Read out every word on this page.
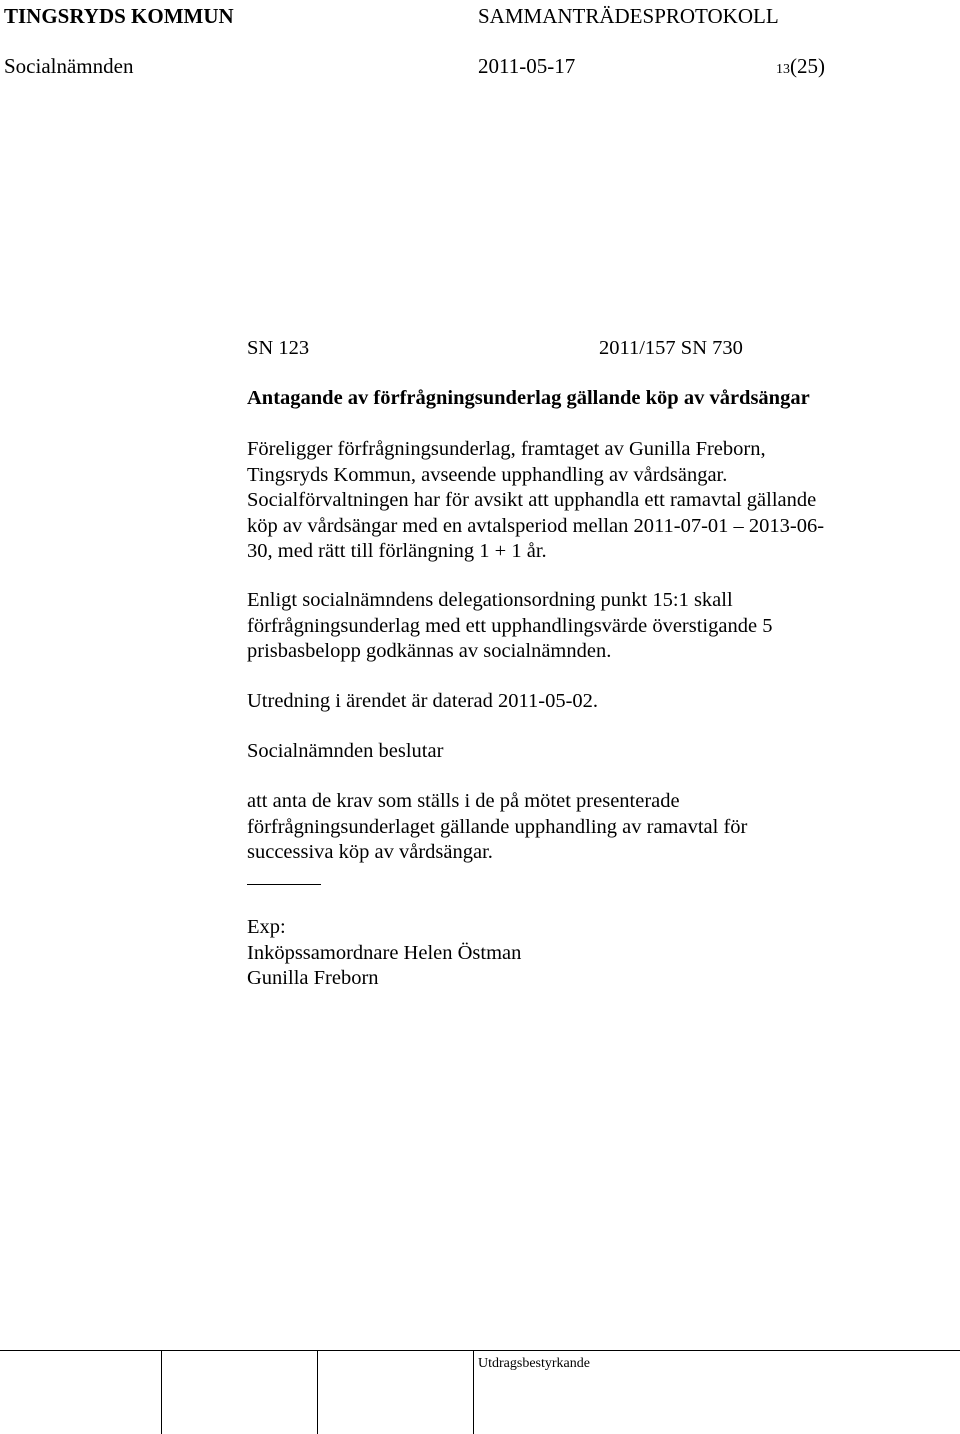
TINGSRYDS KOMMUN	SAMMANTRÄDESPROTOKOLL
Socialnämnden	2011-05-17	13(25)
SN 123	2011/157 SN 730
Antagande av förfrågningsunderlag gällande köp av vårdsängar
Föreligger förfrågningsunderlag, framtaget av Gunilla Freborn,
Tingsryds Kommun, avseende upphandling av vårdsängar.
Socialförvaltningen har för avsikt att upphandla ett ramavtal gällande
köp av vårdsängar med en avtalsperiod mellan 2011-07-01 – 2013-06-
30, med rätt till förlängning 1 + 1 år.
Enligt socialnämndens delegationsordning punkt 15:1 skall
förfrågningsunderlag med ett upphandlingsvärde överstigande 5
prisbasbelopp godkännas av socialnämnden.
Utredning i ärendet är daterad 2011-05-02.
Socialnämnden beslutar
att anta de krav som ställs i de på mötet presenterade
förfrågningsunderlaget gällande upphandling av ramavtal för
successiva köp av vårdsängar.
Exp:
Inköpssamordnare Helen Östman
Gunilla Freborn
Utdragsbestyrkande
